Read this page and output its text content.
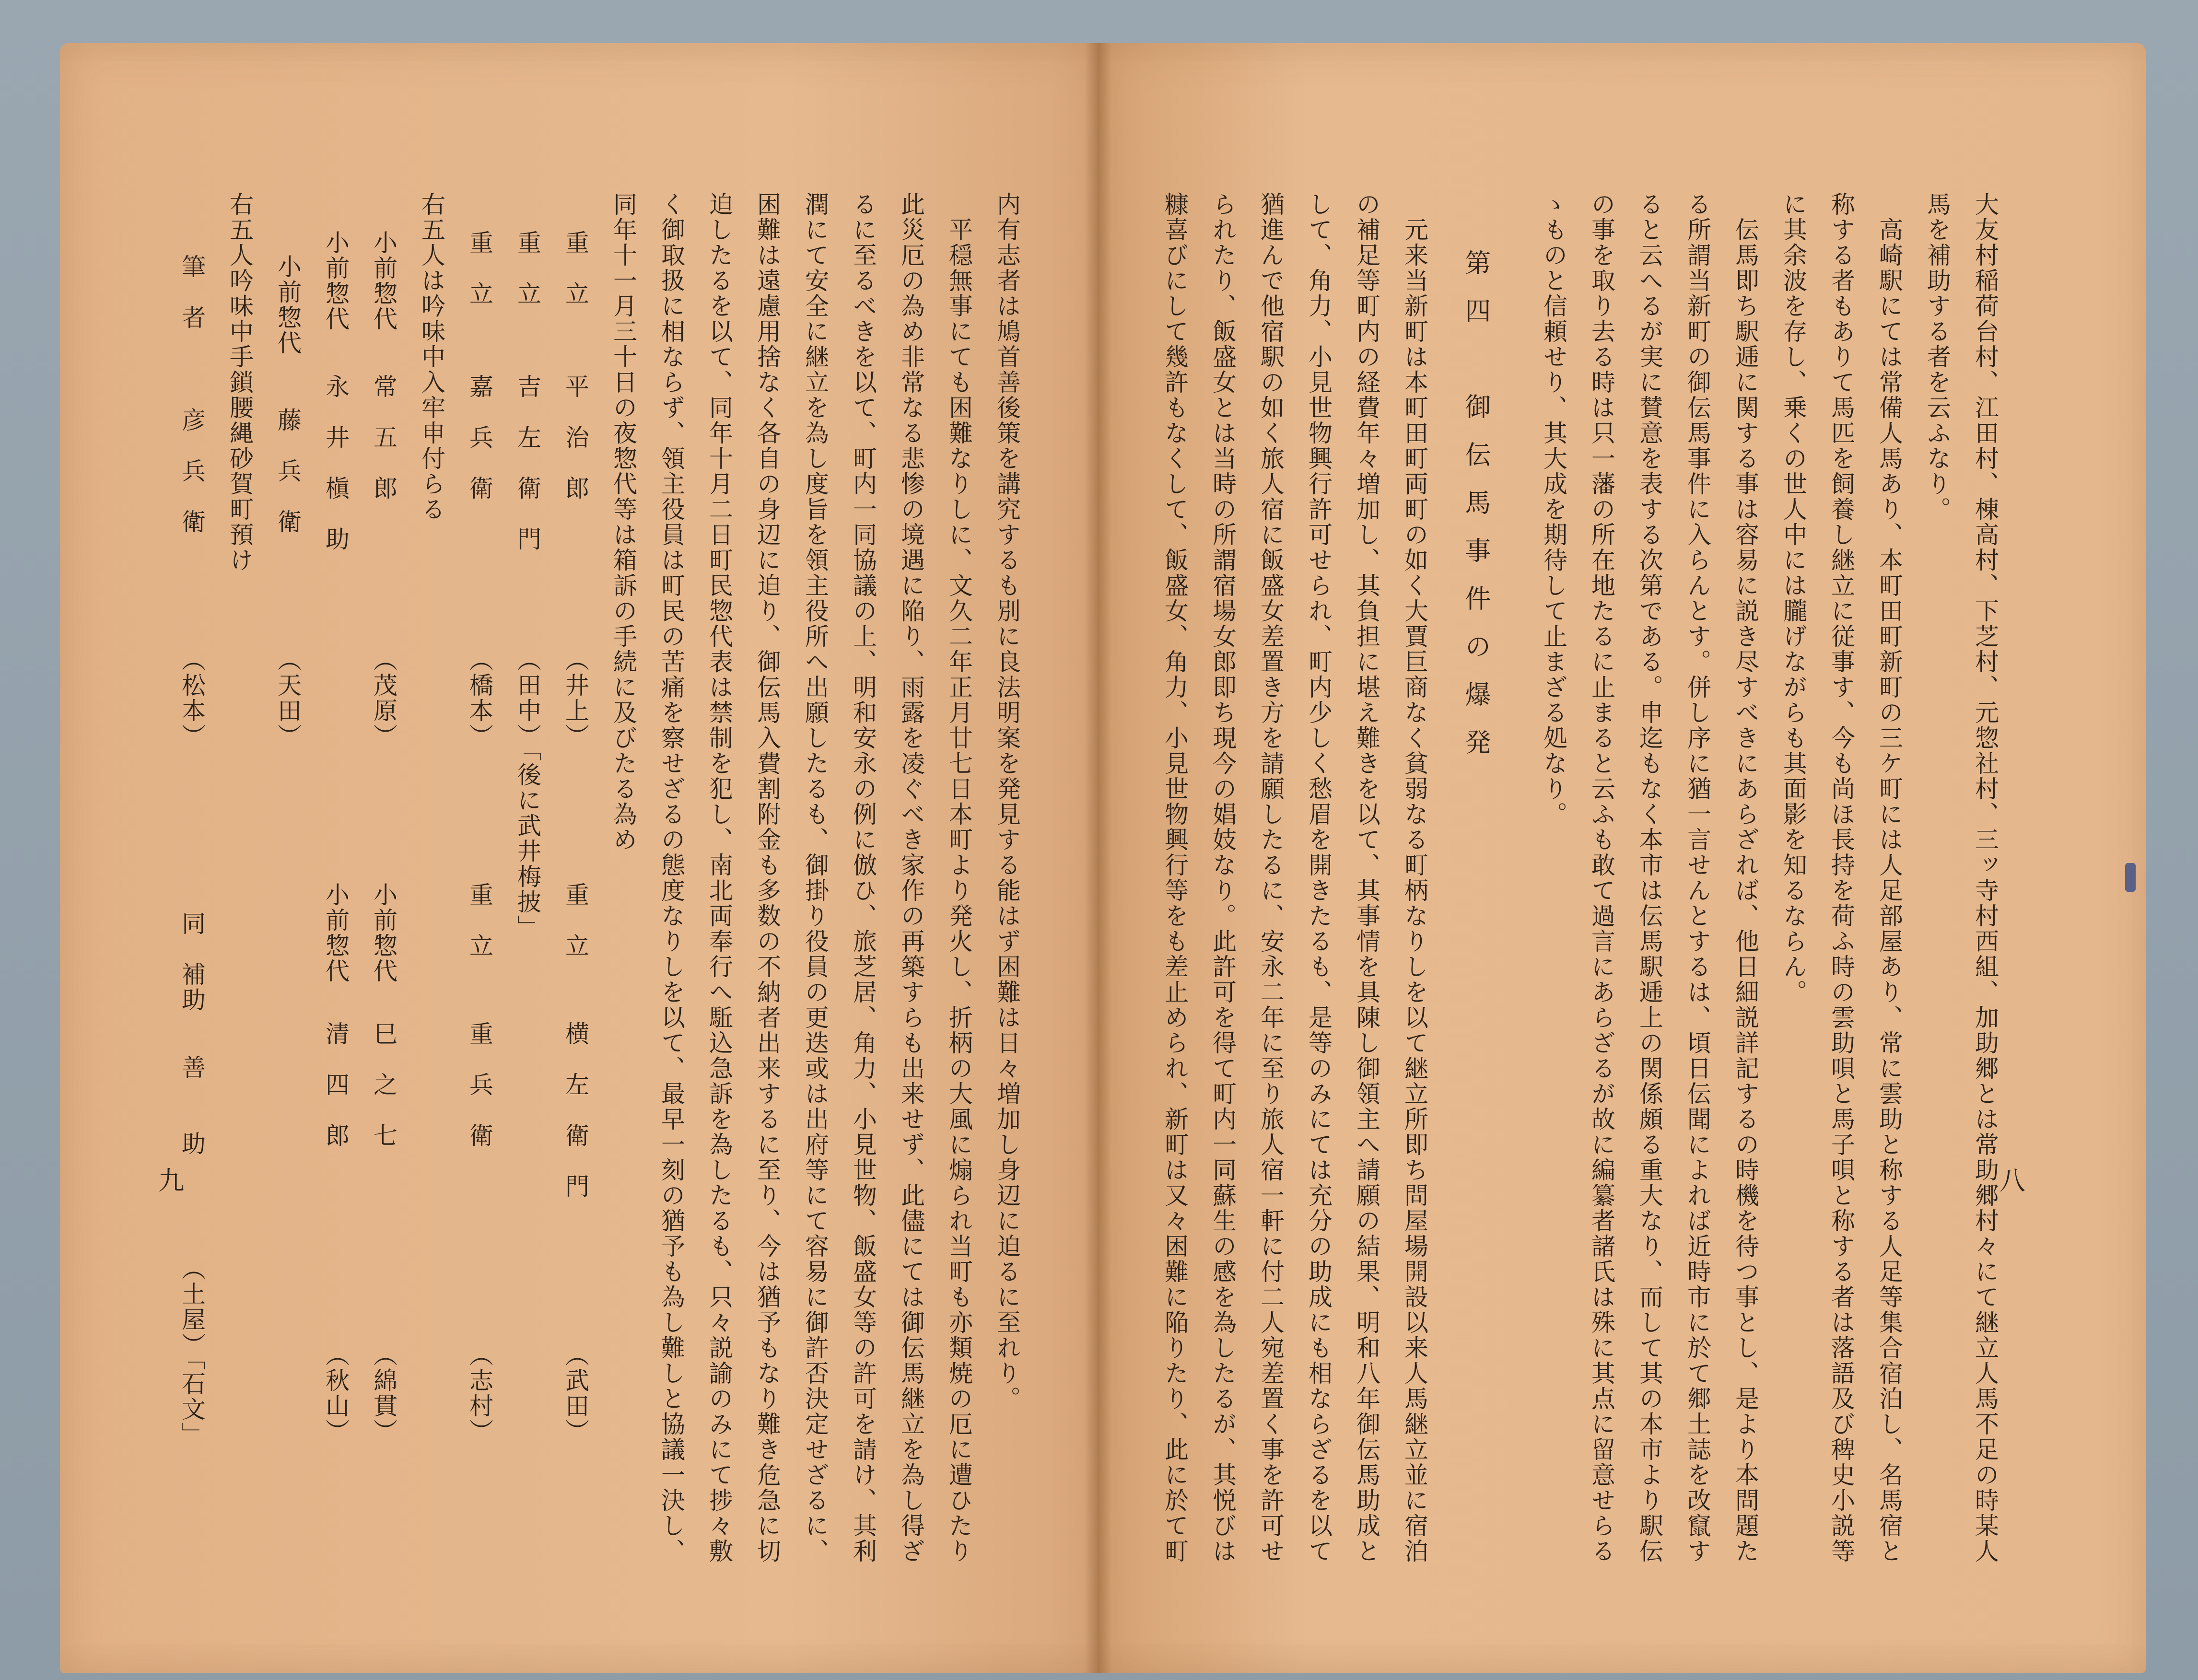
八
大友村稲荷台村、江田村、棟高村、下芝村、元惣社村、三ッ寺村西組、加助郷とは常助郷村々にて継立人馬不足の時某人
馬を補助する者を云ふなり。
　高崎駅にては常備人馬あり、本町田町新町の三ケ町には人足部屋あり、常に雲助と称する人足等集合宿泊し、名馬宿と
称する者もありて馬匹を飼養し継立に従事す、今も尚ほ長持を荷ふ時の雲助唄と馬子唄と称する者は落語及び稗史小説等
に其余波を存し、乗くの世人中には朧げながらも其面影を知るならん。
　伝馬即ち駅逓に関する事は容易に説き尽すべきにあらざれば、他日細説詳記するの時機を待つ事とし、是より本問題た
る所謂当新町の御伝馬事件に入らんとす。併し序に猶一言せんとするは、頃日伝聞によれば近時市に於て郷土誌を改竄す
ると云へるが実に賛意を表する次第である。申迄もなく本市は伝馬駅逓上の関係頗る重大なり、而して其の本市より駅伝
の事を取り去る時は只一藩の所在地たるに止まると云ふも敢て過言にあらざるが故に編纂者諸氏は殊に其点に留意せらる
ゝものと信頼せり、其大成を期待して止まざる処なり。
第四　御伝馬事件の爆発
　元来当新町は本町田町両町の如く大賈巨商なく貧弱なる町柄なりしを以て継立所即ち問屋場開設以来人馬継立並に宿泊
の補足等町内の経費年々増加し、其負担に堪え難きを以て、其事情を具陳し御領主へ請願の結果、明和八年御伝馬助成と
して、角力、小見世物興行許可せられ、町内少しく愁眉を開きたるも、是等のみにては充分の助成にも相ならざるを以て
猶進んで他宿駅の如く旅人宿に飯盛女差置き方を請願したるに、安永二年に至り旅人宿一軒に付二人宛差置く事を許可せ
られたり、飯盛女とは当時の所謂宿場女郎即ち現今の娼妓なり。此許可を得て町内一同蘇生の感を為したるが、其悦びは
糠喜びにして幾許もなくして、飯盛女、角力、小見世物興行等をも差止められ、新町は又々困難に陥りたり、此に於て町
内有志者は鳩首善後策を講究するも別に良法明案を発見する能はず困難は日々増加し身辺に迫るに至れり。
　平穏無事にても困難なりしに、文久二年正月廿七日本町より発火し、折柄の大風に煽られ当町も亦類焼の厄に遭ひたり
此災厄の為め非常なる悲惨の境遇に陥り、雨露を凌ぐべき家作の再築すらも出来せず、此儘にては御伝馬継立を為し得ざ
るに至るべきを以て、町内一同協議の上、明和安永の例に倣ひ、旅芝居、角力、小見世物、飯盛女等の許可を請け、其利
潤にて安全に継立を為し度旨を領主役所へ出願したるも、御掛り役員の更迭或は出府等にて容易に御許否決定せざるに、
困難は遠慮用捨なく各自の身辺に迫り、御伝馬入費割附金も多数の不納者出来するに至り、今は猶予もなり難き危急に切
迫したるを以て、同年十月二日町民惣代表は禁制を犯し、南北両奉行へ駈込急訴を為したるも、只々説諭のみにて捗々敷
く御取扱に相ならず、領主役員は町民の苦痛を察せざるの態度なりしを以て、最早一刻の猶予も為し難しと協議一決し、
同年十一月三十日の夜惣代等は箱訴の手続に及びたる為め
重　立
平　治　郎
（井上）
重　立
横　左　衛　門
（武田）
重　立
吉　左　衛　門
（田中）「後に武井梅披」
重　立
嘉　兵　衛
（橋本）
重　立
重　兵　衛
（志村）
右五人は吟味中入牢申付らる
小前惣代
常　五　郎
（茂原）
小前惣代
巳　之　七
（綿貫）
小前惣代
永　井　槇　助
小前惣代
清　四　郎
（秋山）
小前惣代
藤　兵　衛
（天田）
右五人吟味中手鎖腰縄砂賀町預け
筆　者
彦　兵　衛
（松本）
同　補助
善　　助
（土屋）「石文」
九
